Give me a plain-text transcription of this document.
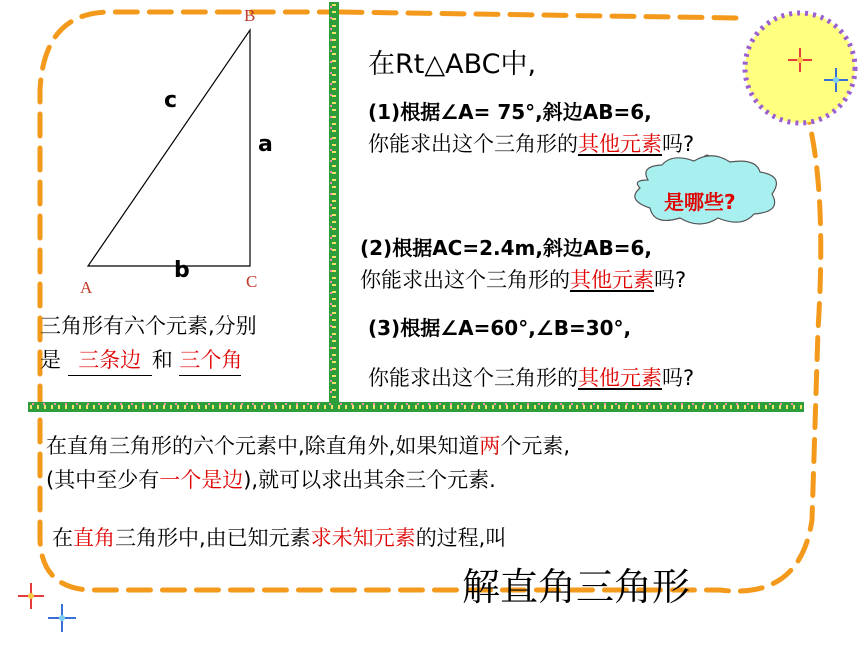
B
A	C
c
a
b
三角形有六个元素,分别
是 三条边 和 三个角
在Rt△ABC中,
(1)根据∠A= 75°,斜边AB=6,
你能求出这个三角形的其他元素吗?
是哪些?
(2)根据AC=2.4m,斜边AB=6,
你能求出这个三角形的其他元素吗?
(3)根据∠A=60°,∠B=30°,
你能求出这个三角形的其他元素吗?
在直角三角形的六个元素中,除直角外,如果知道两个元素,
(其中至少有一个是边),就可以求出其余三个元素.
在直角三角形中,由已知元素求未知元素的过程,叫
解直角三角形
